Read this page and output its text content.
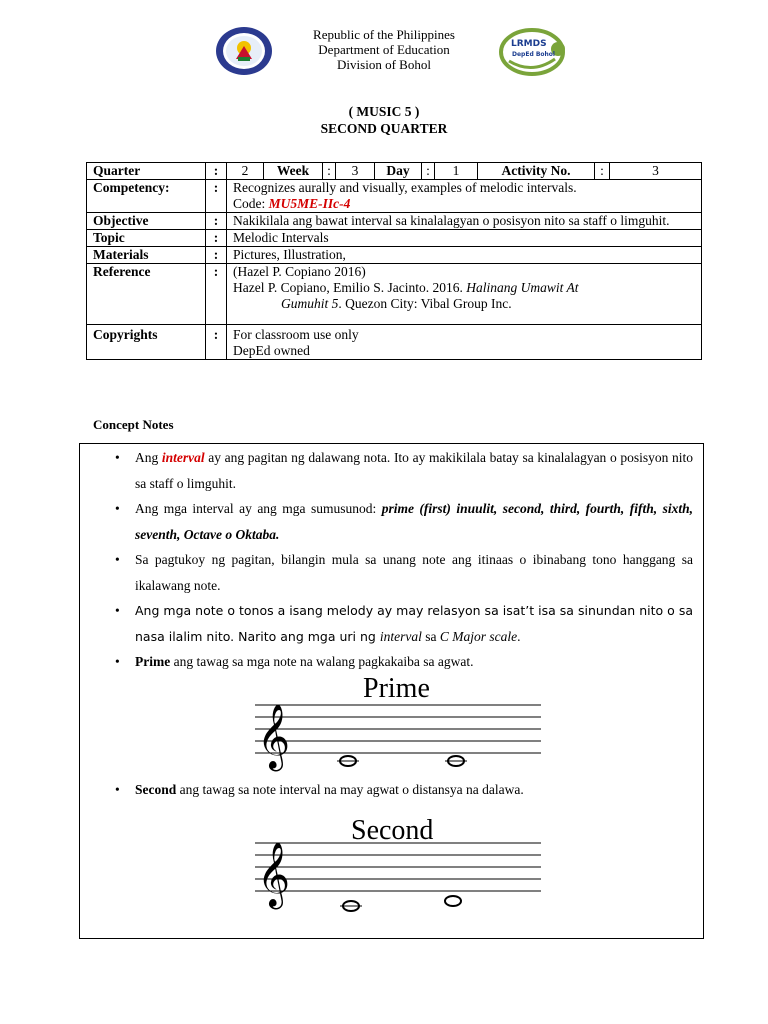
Republic of the Philippines
Department of Education
Division of Bohol
LRMDS
DepEd Bohol
( MUSIC 5 )
SECOND QUARTER
Quarter	:	2	Week	:	3	Day	:	1	Activity No.	:	3

Competency:	:	Recognizes aurally and visually, examples of melodic intervals.
Code: MU5ME-IIc-4

Objective	:	Nakikilala ang bawat interval sa kinalalagyan o posisyon nito sa staff o limguhit.
Topic	:	Melodic Intervals
Materials	:	Pictures, Illustration,
Reference	:	(Hazel P. Copiano 2016)
Hazel P. Copiano, Emilio S. Jacinto. 2016. Halinang Umawit At
Gumuhit 5. Quezon City: Vibal Group Inc.

Copyrights	:	For classroom use only
DepEd owned
Concept Notes
• Ang interval ay ang pagitan ng dalawang nota. Ito ay makikilala batay sa kinalalagyan o posisyon nito sa staff o limguhit.
• Ang mga interval ay ang mga sumusunod: prime (first) inuulit, second, third, fourth, fifth, sixth, seventh, Octave o Oktaba.
• Sa pagtukoy ng pagitan, bilangin mula sa unang note ang itinaas o ibinabang tono hanggang sa ikalawang note.
• Ang mga note o tonos a isang melody ay may relasyon sa isat’t isa sa sinundan nito o sa nasa ilalim nito. Narito ang mga uri ng interval sa C Major scale.
• Prime ang tawag sa mga note na walang pagkakaiba sa agwat.
𝄞
Prime
• Second ang tawag sa note interval na may agwat o distansya na dalawa.
𝄞
Second
